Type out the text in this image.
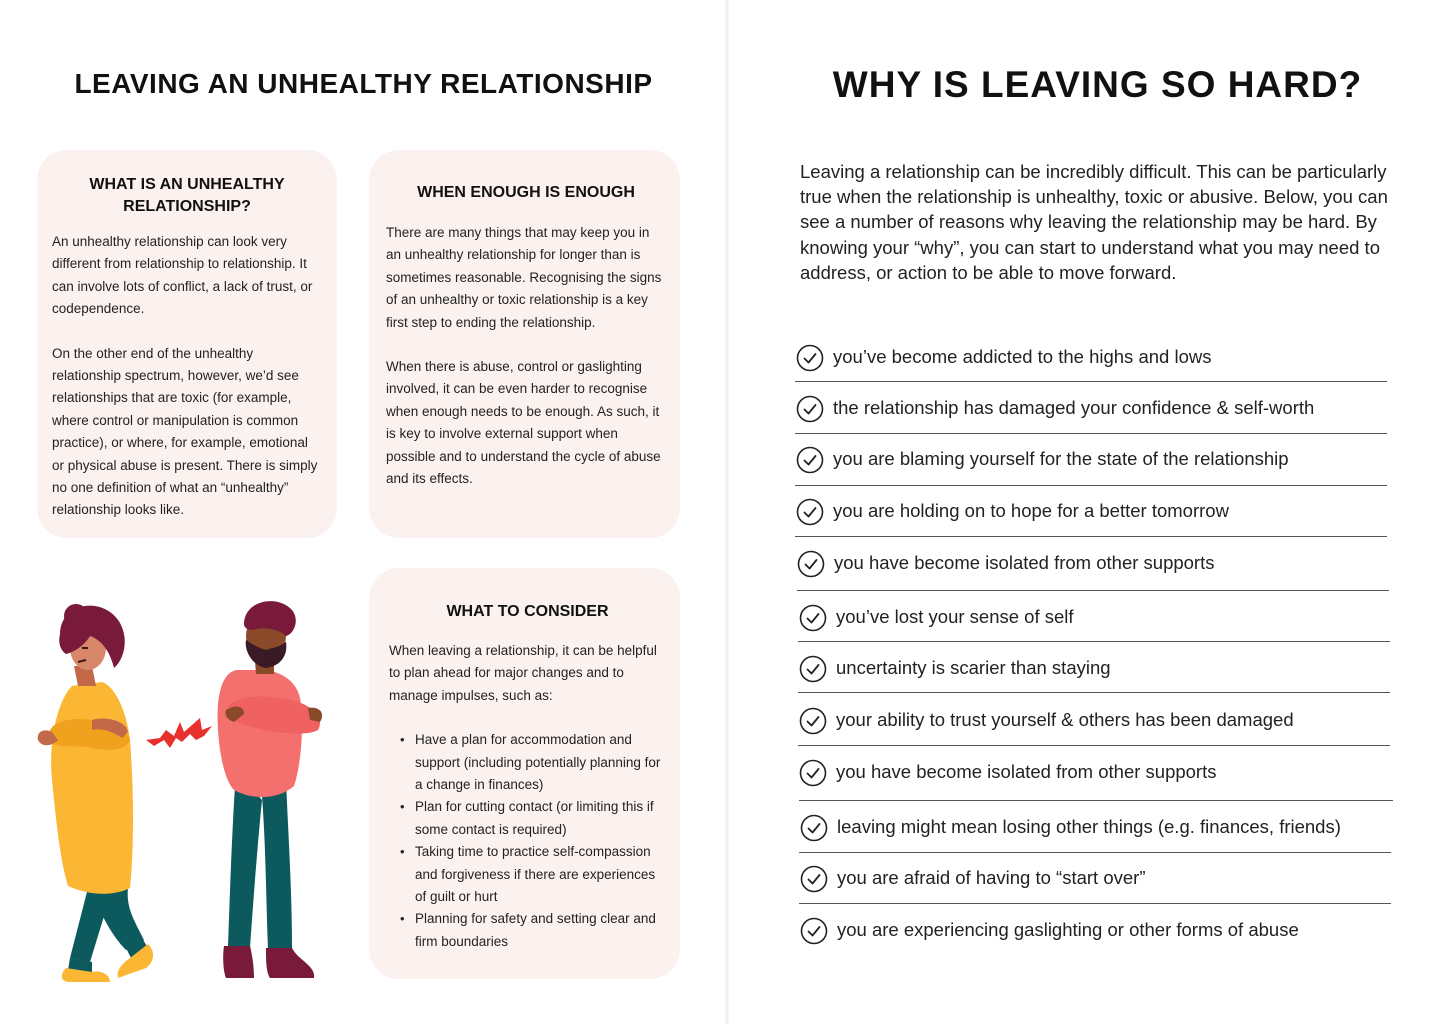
LEAVING AN UNHEALTHY RELATIONSHIP
WHAT IS AN UNHEALTHY RELATIONSHIP?

An unhealthy relationship can look very different from relationship to relationship. It can involve lots of conflict, a lack of trust, or codependence.

On the other end of the unhealthy relationship spectrum, however, we’d see relationships that are toxic (for example, where control or manipulation is common practice), or where, for example, emotional or physical abuse is present. There is simply no one definition of what an “unhealthy” relationship looks like.

WHEN ENOUGH IS ENOUGH

There are many things that may keep you in an unhealthy relationship for longer than is sometimes reasonable. Recognising the signs of an unhealthy or toxic relationship is a key first step to ending the relationship.

When there is abuse, control or gaslighting involved, it can be even harder to recognise when enough needs to be enough. As such, it is key to involve external support when possible and to understand the cycle of abuse and its effects.

WHAT TO CONSIDER

When leaving a relationship, it can be helpful to plan ahead for major changes and to manage impulses, such as:

• Have a plan for accommodation and support (including potentially planning for a change in finances)
• Plan for cutting contact (or limiting this if some contact is required)
• Taking time to practice self-compassion and forgiveness if there are experiences of guilt or hurt
• Planning for safety and setting clear and firm boundaries
WHY IS LEAVING SO HARD?

Leaving a relationship can be incredibly difficult. This can be particularly true when the relationship is unhealthy, toxic or abusive. Below, you can see a number of reasons why leaving the relationship may be hard. By knowing your “why”, you can start to understand what you may need to address, or action to be able to move forward.

you’ve become addicted to the highs and lows
the relationship has damaged your confidence & self-worth
you are blaming yourself for the state of the relationship
you are holding on to hope for a better tomorrow
you have become isolated from other supports
you’ve lost your sense of self
uncertainty is scarier than staying
your ability to trust yourself & others has been damaged
you have become isolated from other supports
leaving might mean losing other things (e.g. finances, friends)
you are afraid of having to “start over”
you are experiencing gaslighting or other forms of abuse
